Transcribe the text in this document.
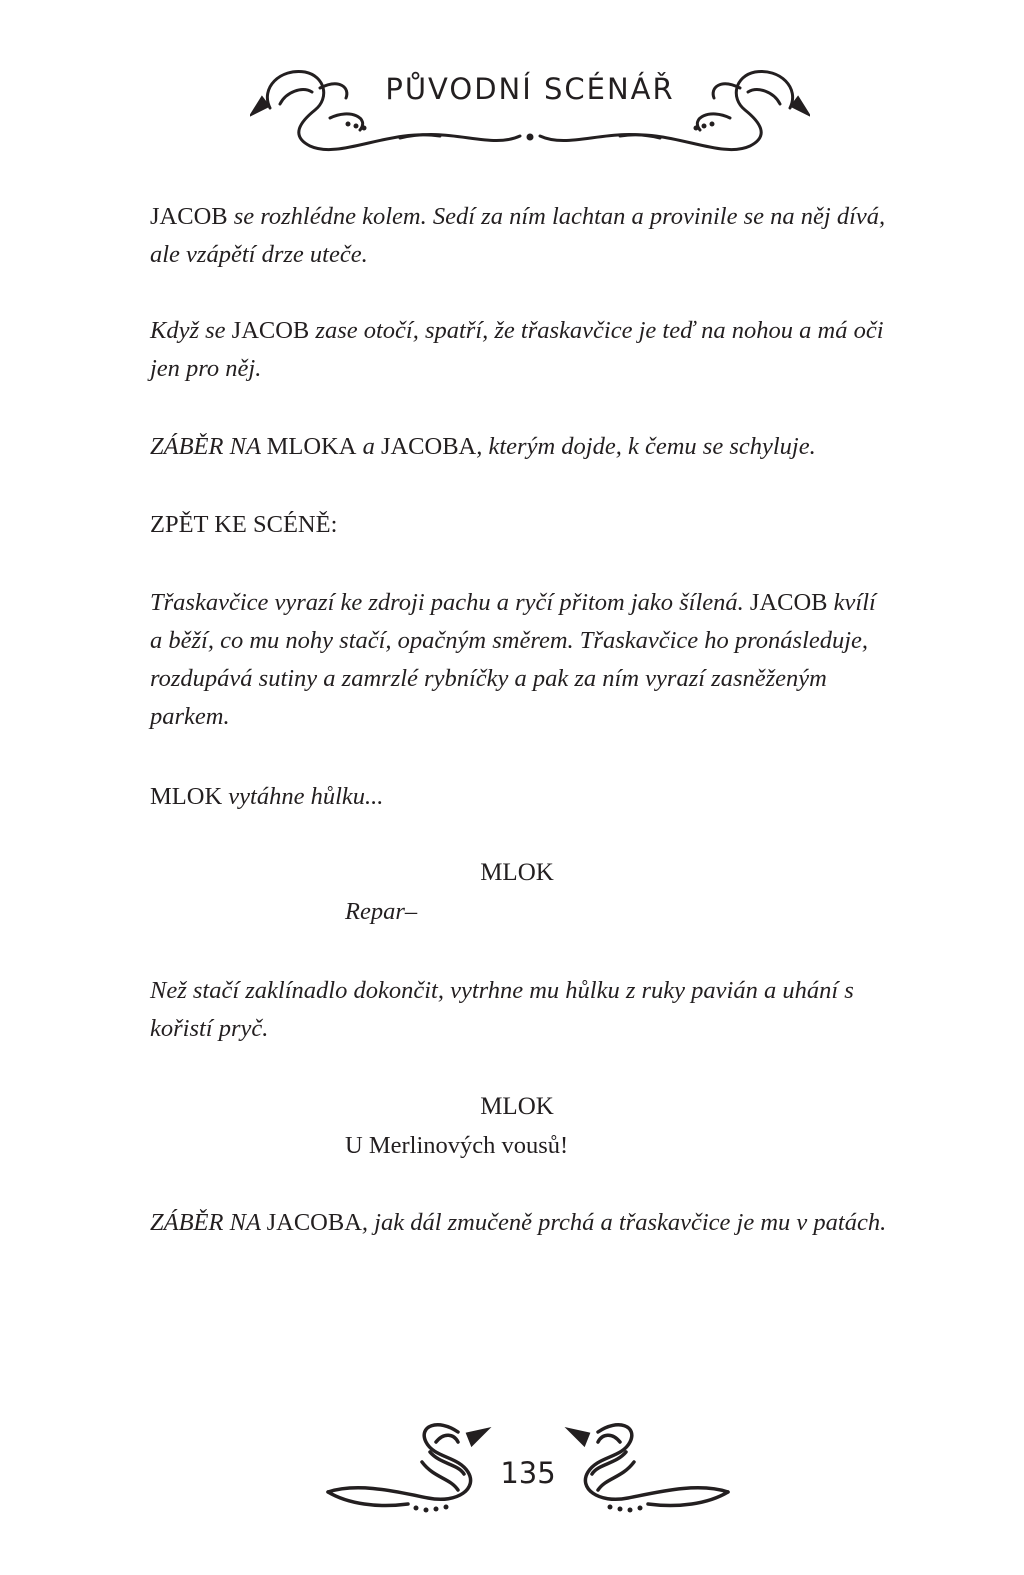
PŮVODNÍ SCÉNÁŘ
JACOB se rozhlédne kolem. Sedí za ním lachtan a provinile se na něj dívá, ale vzápětí drze uteče.
Když se JACOB zase otočí, spatří, že třaskavčice je teď na nohou a má oči jen pro něj.
ZÁBĚR NA MLOKA a JACOBA, kterým dojde, k čemu se schyluje.
ZPĚT KE SCÉNĚ:
Třaskavčice vyrazí ke zdroji pachu a ryčí přitom jako šílená. JACOB kvílí a běží, co mu nohy stačí, opačným směrem. Třaskavčice ho pronásleduje, rozdupává sutiny a zamrzlé rybníčky a pak za ním vyrazí zasněženým parkem.
MLOK vytáhne hůlku...
MLOK
Repar–
Než stačí zaklínadlo dokončit, vytrhne mu hůlku z ruky pavián a uhání s kořistí pryč.
MLOK
U Merlinových vousů!
ZÁBĚR NA JACOBA, jak dál zmučeně prchá a třaskavčice je mu v patách.
135
